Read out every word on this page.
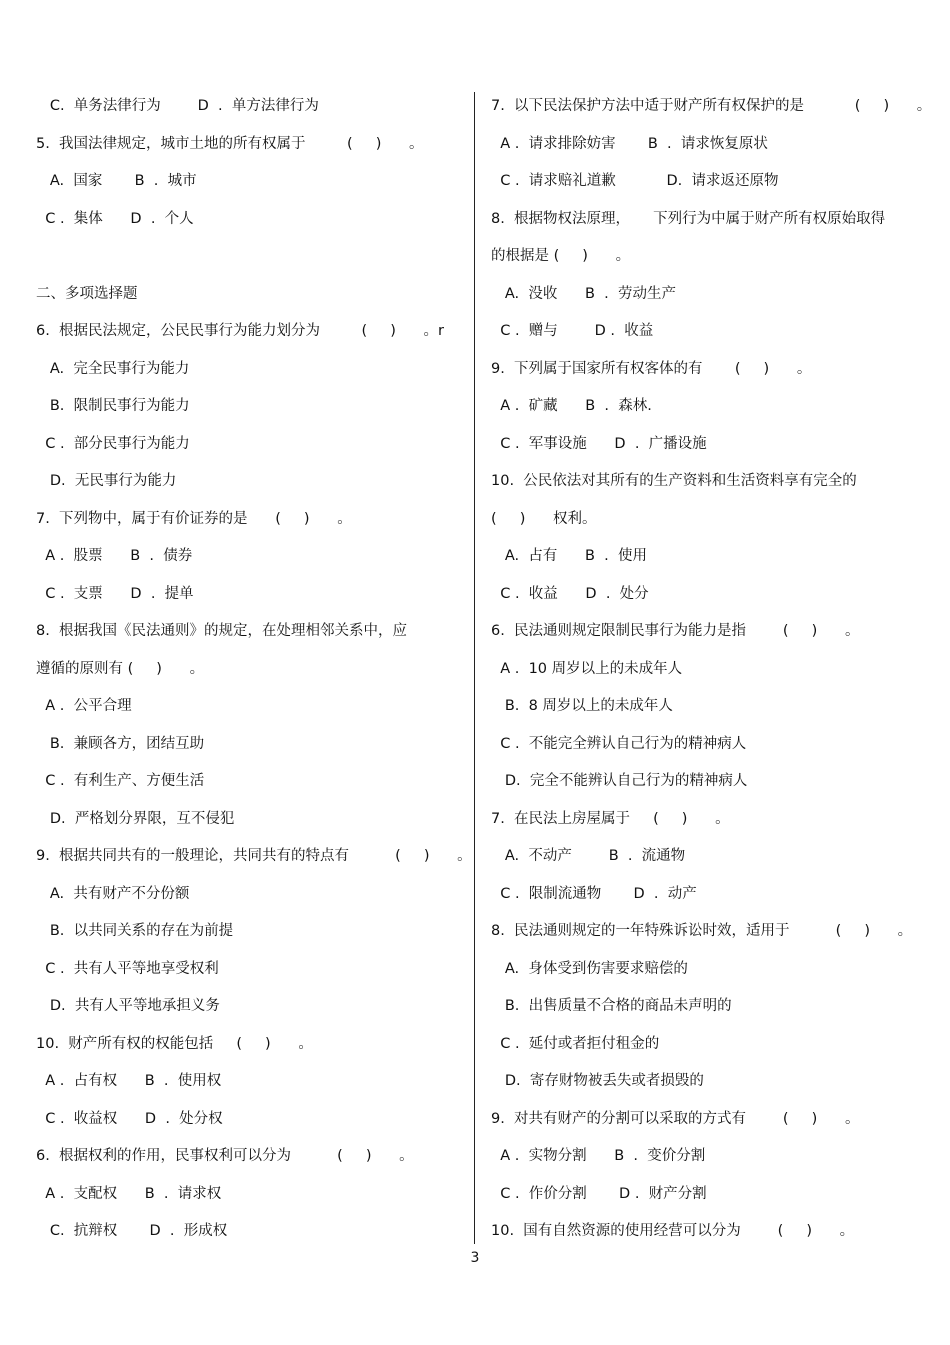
C.  单务法律行为        D  .  单方法律行为
5.  我国法律规定，城市土地的所有权属于         (     )      。
A.  国家       B  .  城市
C .  集体      D  .  个人
二、多项选择题
6.  根据民法规定，公民民事行为能力划分为         (     )      。r
A.  完全民事行为能力
B.  限制民事行为能力
C .  部分民事行为能力
D.  无民事行为能力
7.  下列物中，属于有价证券的是      (     )      。
A .  股票      B  .  债券
C .  支票      D  .  提单
8.  根据我国《民法通则》的规定，在处理相邻关系中，应
遵循的原则有 (     )      。
A .  公平合理
B.  兼顾各方，团结互助
C .  有利生产、方便生活
D.  严格划分界限，互不侵犯
9.  根据共同共有的一般理论，共同共有的特点有          (     )      。
A.  共有财产不分份额
B.  以共同关系的存在为前提
C .  共有人平等地享受权利
D.  共有人平等地承担义务
10.  财产所有权的权能包括     (     )      。
A .  占有权      B  .  使用权
C .  收益权      D  .  处分权
6.  根据权利的作用，民事权利可以分为          (     )      。
A .  支配权      B  .  请求权
C.  抗辩权       D  .  形成权
7.  以下民法保护方法中适于财产所有权保护的是           (     )      。
A .  请求排除妨害       B  .  请求恢复原状
C .  请求赔礼道歉           D.  请求返还原物
8.  根据物权法原理，     下列行为中属于财产所有权原始取得
的根据是 (     )      。
A.  没收      B  .  劳动生产
C .  赠与        D .  收益
9.  下列属于国家所有权客体的有       (     )      。
A .  矿藏      B  .  森林.
C .  军事设施      D  .  广播设施
10.  公民依法对其所有的生产资料和生活资料享有完全的
(     )      权利。
A.  占有      B  .  使用
C .  收益      D  .  处分
6.  民法通则规定限制民事行为能力是指        (     )      。
A .  10 周岁以上的未成年人
B.  8 周岁以上的未成年人
C .  不能完全辨认自己行为的精神病人
D.  完全不能辨认自己行为的精神病人
7.  在民法上房屋属于     (     )      。
A.  不动产        B  .  流通物
C .  限制流通物       D  .  动产
8.  民法通则规定的一年特殊诉讼时效，适用于          (     )      。
A.  身体受到伤害要求赔偿的
B.  出售质量不合格的商品未声明的
C .  延付或者拒付租金的
D.  寄存财物被丢失或者损毁的
9.  对共有财产的分割可以采取的方式有        (     )      。
A .  实物分割      B  .  变价分割
C .  作价分割       D .  财产分割
10.  国有自然资源的使用经营可以分为        (     )      。
3
